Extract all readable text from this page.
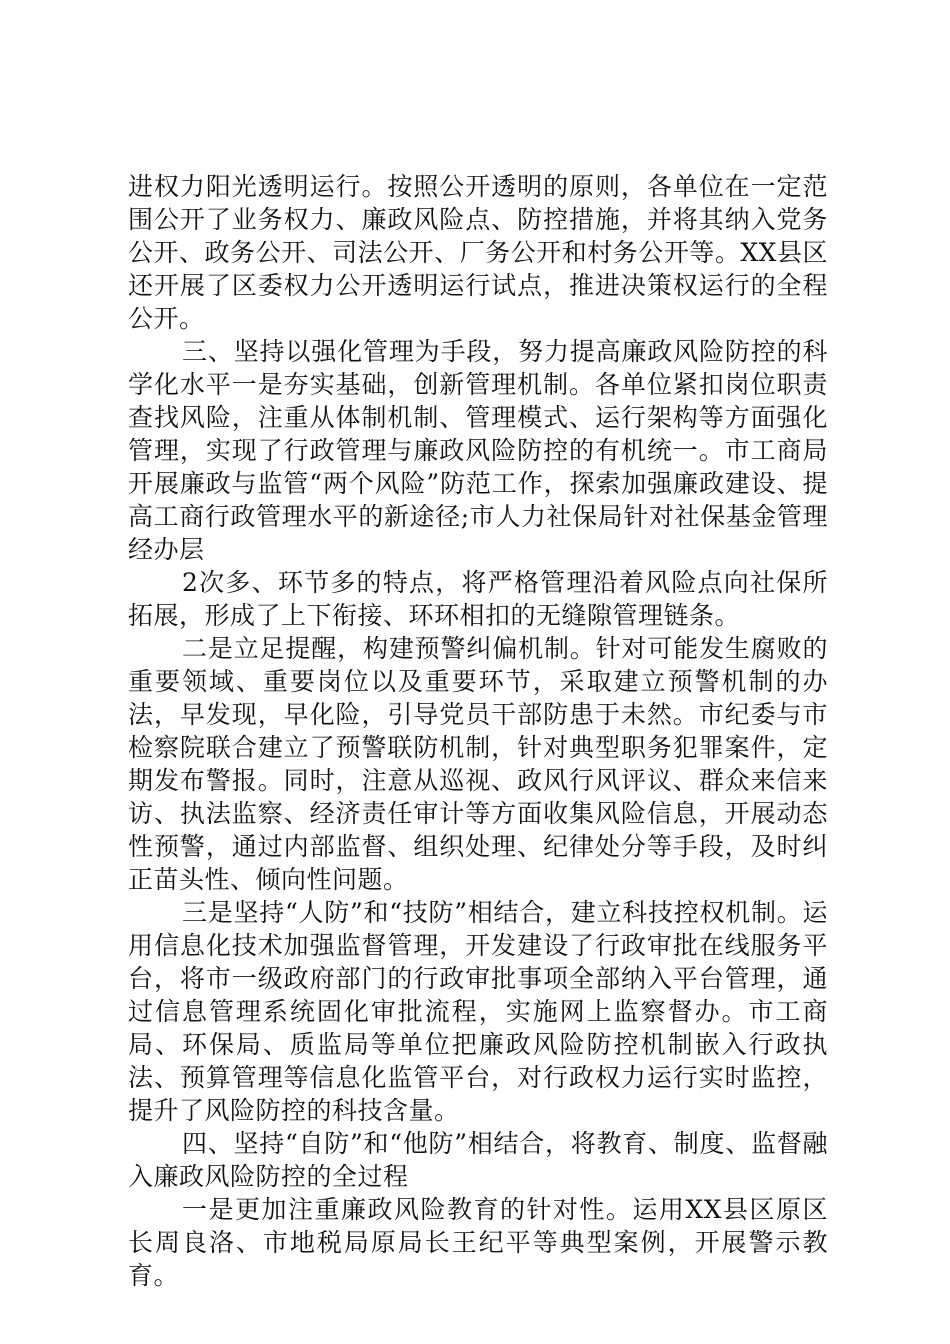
进权力阳光透明运行。按照公开透明的原则，各单位在一定范围公开了业务权力、廉政风险点、防控措施，并将其纳入党务公开、政务公开、司法公开、厂务公开和村务公开等。XX县区还开展了区委权力公开透明运行试点，推进决策权运行的全程公开。

三、坚持以强化管理为手段，努力提高廉政风险防控的科学化水平一是夯实基础，创新管理机制。各单位紧扣岗位职责查找风险，注重从体制机制、管理模式、运行架构等方面强化管理，实现了行政管理与廉政风险防控的有机统一。市工商局开展廉政与监管“两个风险”防范工作，探索加强廉政建设、提高工商行政管理水平的新途径;市人力社保局针对社保基金管理经办层

2次多、环节多的特点，将严格管理沿着风险点向社保所拓展，形成了上下衔接、环环相扣的无缝隙管理链条。

二是立足提醒，构建预警纠偏机制。针对可能发生腐败的重要领域、重要岗位以及重要环节，采取建立预警机制的办法，早发现，早化险，引导党员干部防患于未然。市纪委与市检察院联合建立了预警联防机制，针对典型职务犯罪案件，定期发布警报。同时，注意从巡视、政风行风评议、群众来信来访、执法监察、经济责任审计等方面收集风险信息，开展动态性预警，通过内部监督、组织处理、纪律处分等手段，及时纠正苗头性、倾向性问题。

三是坚持“人防”和“技防”相结合，建立科技控权机制。运用信息化技术加强监督管理，开发建设了行政审批在线服务平台，将市一级政府部门的行政审批事项全部纳入平台管理，通过信息管理系统固化审批流程，实施网上监察督办。市工商局、环保局、质监局等单位把廉政风险防控机制嵌入行政执法、预算管理等信息化监管平台，对行政权力运行实时监控，提升了风险防控的科技含量。

四、坚持“自防”和“他防”相结合，将教育、制度、监督融入廉政风险防控的全过程

一是更加注重廉政风险教育的针对性。运用XX县区原区长周良洛、市地税局原局长王纪平等典型案例，开展警示教育。
